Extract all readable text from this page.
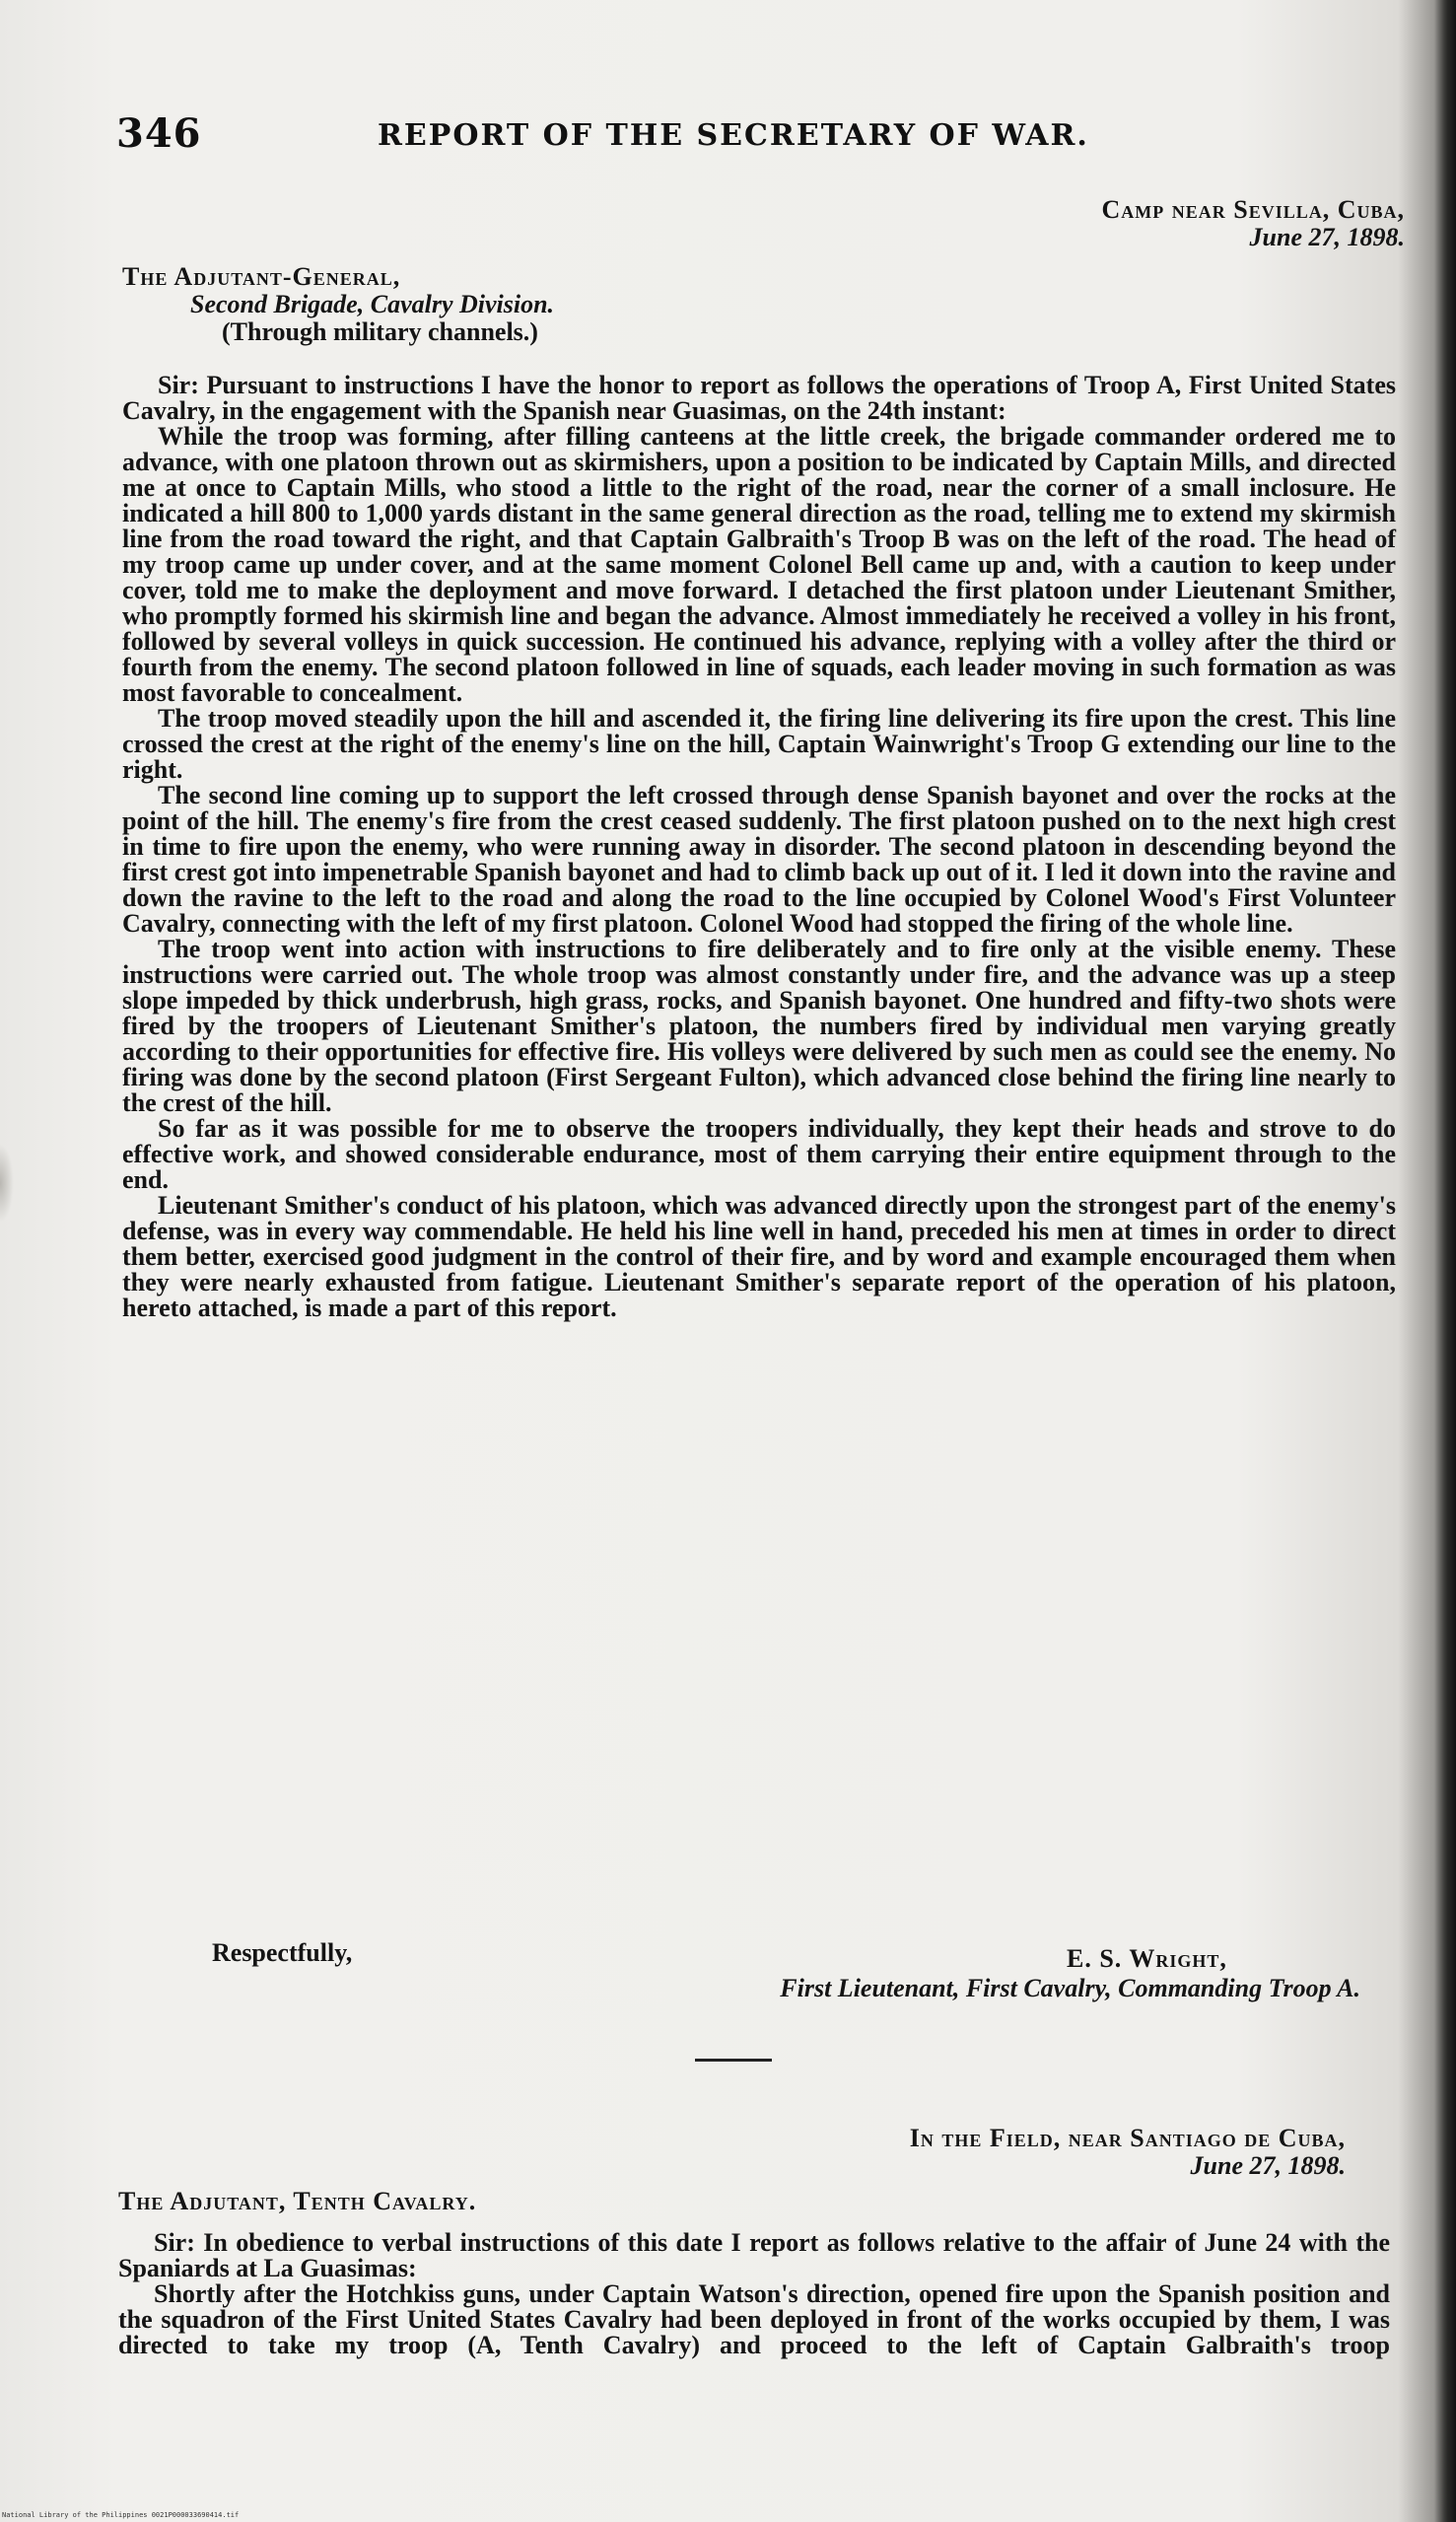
346	REPORT OF THE SECRETARY OF WAR.
Camp near Sevilla, Cuba,
June 27, 1898.
The Adjutant-General,
Second Brigade, Cavalry Division.
(Through military channels.)

Sir: Pursuant to instructions I have the honor to report as follows the operations of Troop A, First United States Cavalry, in the engagement with the Spanish near Guasimas, on the 24th instant:

While the troop was forming, after filling canteens at the little creek, the brigade commander ordered me to advance, with one platoon thrown out as skirmishers, upon a position to be indicated by Captain Mills, and directed me at once to Captain Mills, who stood a little to the right of the road, near the corner of a small inclosure. He indicated a hill 800 to 1,000 yards distant in the same general direction as the road, telling me to extend my skirmish line from the road toward the right, and that Captain Galbraith's Troop B was on the left of the road. The head of my troop came up under cover, and at the same moment Colonel Bell came up and, with a caution to keep under cover, told me to make the deployment and move forward. I detached the first platoon under Lieutenant Smither, who promptly formed his skirmish line and began the advance. Almost immediately he received a volley in his front, followed by several volleys in quick succession. He continued his advance, replying with a volley after the third or fourth from the enemy. The second platoon followed in line of squads, each leader moving in such formation as was most favorable to concealment.

The troop moved steadily upon the hill and ascended it, the firing line delivering its fire upon the crest. This line crossed the crest at the right of the enemy's line on the hill, Captain Wainwright's Troop G extending our line to the right.

The second line coming up to support the left crossed through dense Spanish bayonet and over the rocks at the point of the hill. The enemy's fire from the crest ceased suddenly. The first platoon pushed on to the next high crest in time to fire upon the enemy, who were running away in disorder. The second platoon in descending beyond the first crest got into impenetrable Spanish bayonet and had to climb back up out of it. I led it down into the ravine and down the ravine to the left to the road and along the road to the line occupied by Colonel Wood's First Volunteer Cavalry, connecting with the left of my first platoon. Colonel Wood had stopped the firing of the whole line.

The troop went into action with instructions to fire deliberately and to fire only at the visible enemy. These instructions were carried out. The whole troop was almost constantly under fire, and the advance was up a steep slope impeded by thick underbrush, high grass, rocks, and Spanish bayonet. One hundred and fifty-two shots were fired by the troopers of Lieutenant Smither's platoon, the numbers fired by individual men varying greatly according to their opportunities for effective fire. His volleys were delivered by such men as could see the enemy. No firing was done by the second platoon (First Sergeant Fulton), which advanced close behind the firing line nearly to the crest of the hill.

So far as it was possible for me to observe the troopers individually, they kept their heads and strove to do effective work, and showed considerable endurance, most of them carrying their entire equipment through to the end.

Lieutenant Smither's conduct of his platoon, which was advanced directly upon the strongest part of the enemy's defense, was in every way commendable. He held his line well in hand, preceded his men at times in order to direct them better, exercised good judgment in the control of their fire, and by word and example encouraged them when they were nearly exhausted from fatigue. Lieutenant Smither's separate report of the operation of his platoon, hereto attached, is made a part of this report.

Respectfully,	E. S. Wright,
First Lieutenant, First Cavalry, Commanding Troop A.
In the Field, near Santiago de Cuba,
June 27, 1898.
The Adjutant, Tenth Cavalry.

Sir: In obedience to verbal instructions of this date I report as follows relative to the affair of June 24 with the Spaniards at La Guasimas:

Shortly after the Hotchkiss guns, under Captain Watson's direction, opened fire upon the Spanish position and the squadron of the First United States Cavalry had been deployed in front of the works occupied by them, I was directed to take my troop (A, Tenth Cavalry) and proceed to the left of Captain Galbraith's troop

National Library of the Philippines 0021P000033690414.tif
